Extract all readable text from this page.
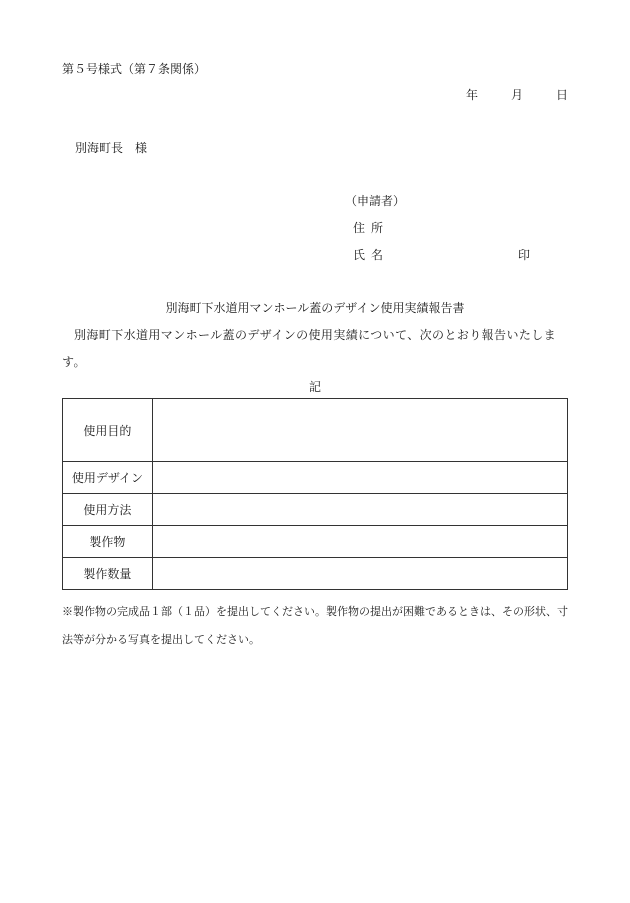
第５号様式（第７条関係）
年	月	日
別海町長　様
（申請者）
住所
氏名	印
別海町下水道用マンホール蓋のデザイン使用実績報告書
別海町下水道用マンホール蓋のデザインの使用実績について、次のとおり報告いたします。
記
使用目的	
使用デザイン	
使用方法	
製作物	
製作数量	
※製作物の完成品１部（１品）を提出してください。製作物の提出が困難であるときは、その形状、寸法等が分かる写真を提出してください。
